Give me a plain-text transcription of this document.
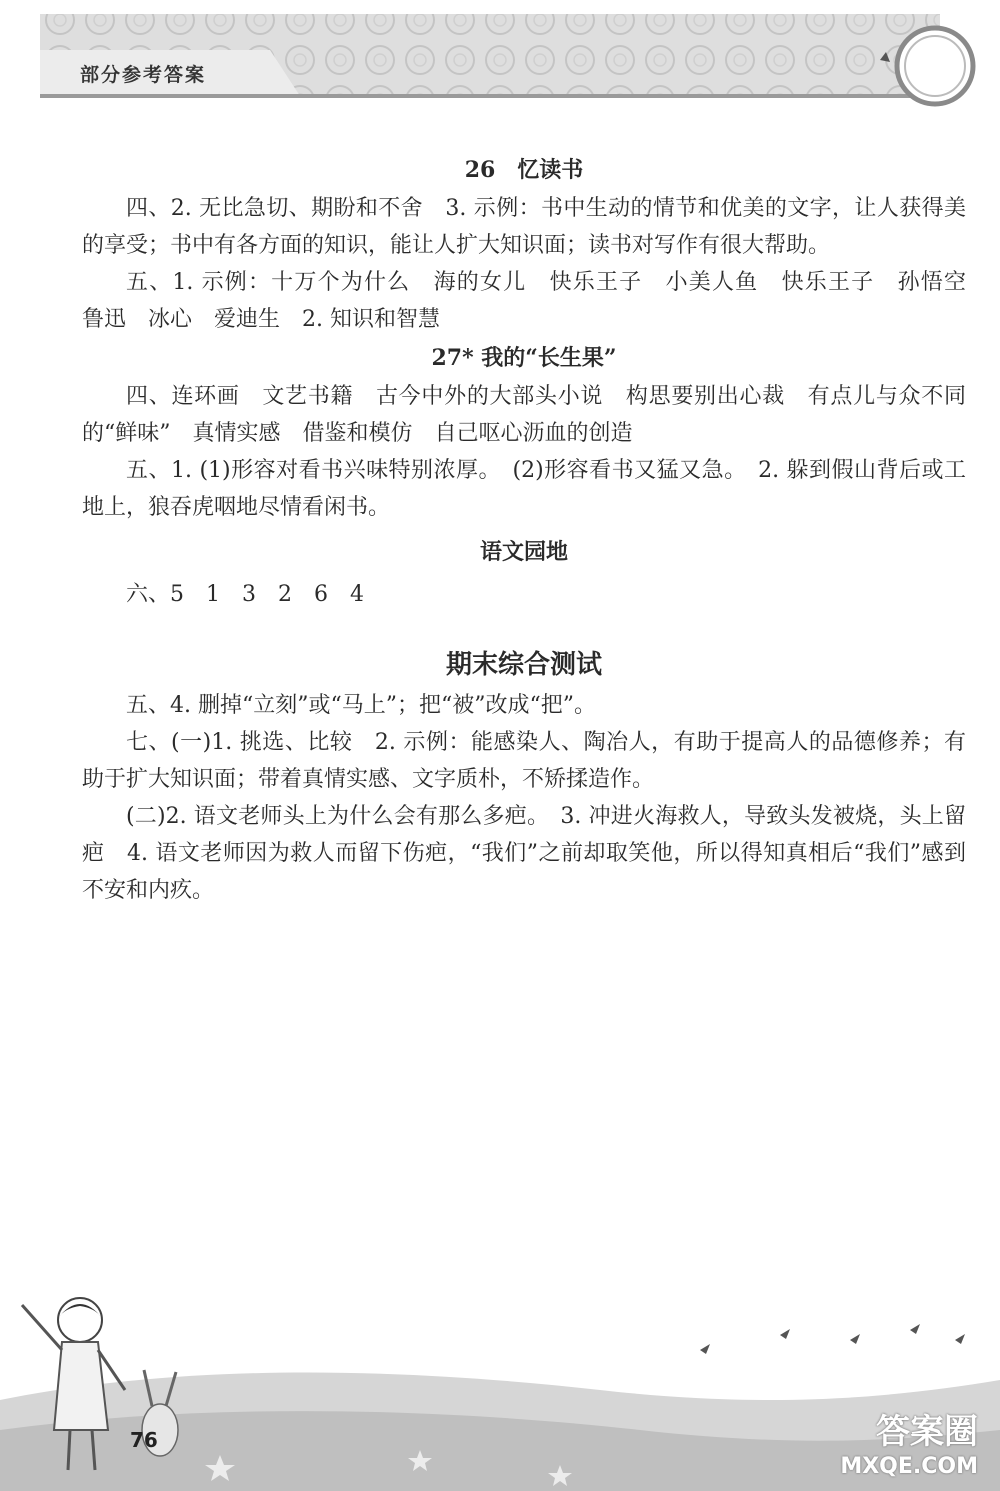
部分参考答案
26　忆读书

四、2. 无比急切、期盼和不舍　3. 示例：书中生动的情节和优美的文字，让人获得美的享受；书中有各方面的知识，能让人扩大知识面；读书对写作有很大帮助。

五、1. 示例：十万个为什么　海的女儿　快乐王子　小美人鱼　快乐王子　孙悟空　鲁迅　冰心　爱迪生　2. 知识和智慧

27* 我的“长生果”

四、连环画　文艺书籍　古今中外的大部头小说　构思要别出心裁　有点儿与众不同的“鲜味”　真情实感　借鉴和模仿　自己呕心沥血的创造

五、1. (1)形容对看书兴味特别浓厚。　(2)形容看书又猛又急。　2. 躲到假山背后或工地上，狼吞虎咽地尽情看闲书。

语文园地

六、5　1　3　2　6　4

期末综合测试

五、4. 删掉“立刻”或“马上”；把“被”改成“把”。

七、(一)1. 挑选、比较　2. 示例：能感染人、陶冶人，有助于提高人的品德修养；有助于扩大知识面；带着真情实感、文字质朴，不矫揉造作。

(二)2. 语文老师头上为什么会有那么多疤。　3. 冲进火海救人，导致头发被烧，头上留疤　4. 语文老师因为救人而留下伤疤，“我们”之前却取笑他，所以得知真相后“我们”感到不安和内疚。

76	答案圈
MXQE.COM
